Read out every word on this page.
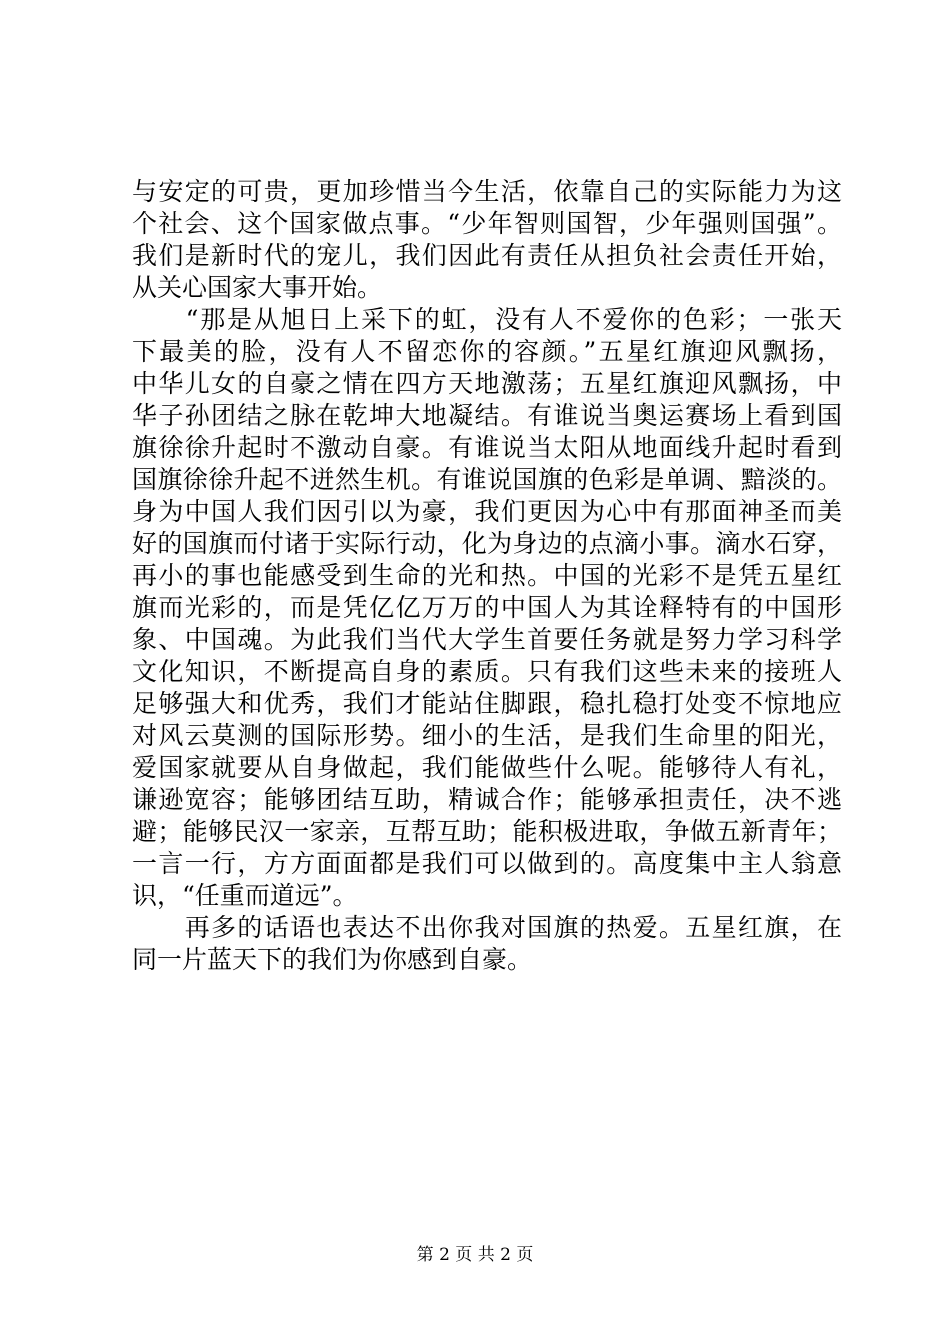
与安定的可贵，更加珍惜当今生活，依靠自己的实际能力为这
个社会、这个国家做点事。“少年智则国智，少年强则国强”。
我们是新时代的宠儿，我们因此有责任从担负社会责任开始，
从关心国家大事开始。
　　“那是从旭日上采下的虹，没有人不爱你的色彩；一张天
下最美的脸，没有人不留恋你的容颜。”五星红旗迎风飘扬，
中华儿女的自豪之情在四方天地激荡；五星红旗迎风飘扬，中
华子孙团结之脉在乾坤大地凝结。有谁说当奥运赛场上看到国
旗徐徐升起时不激动自豪。有谁说当太阳从地面线升起时看到
国旗徐徐升起不迸然生机。有谁说国旗的色彩是单调、黯淡的。
身为中国人我们因引以为豪，我们更因为心中有那面神圣而美
好的国旗而付诸于实际行动，化为身边的点滴小事。滴水石穿，
再小的事也能感受到生命的光和热。中国的光彩不是凭五星红
旗而光彩的，而是凭亿亿万万的中国人为其诠释特有的中国形
象、中国魂。为此我们当代大学生首要任务就是努力学习科学
文化知识，不断提高自身的素质。只有我们这些未来的接班人
足够强大和优秀，我们才能站住脚跟，稳扎稳打处变不惊地应
对风云莫测的国际形势。细小的生活，是我们生命里的阳光，
爱国家就要从自身做起，我们能做些什么呢。能够待人有礼，
谦逊宽容；能够团结互助，精诚合作；能够承担责任，决不逃
避；能够民汉一家亲，互帮互助；能积极进取，争做五新青年；
一言一行，方方面面都是我们可以做到的。高度集中主人翁意
识，“任重而道远”。
　　再多的话语也表达不出你我对国旗的热爱。五星红旗，在
同一片蓝天下的我们为你感到自豪。
第 2 页 共 2 页
